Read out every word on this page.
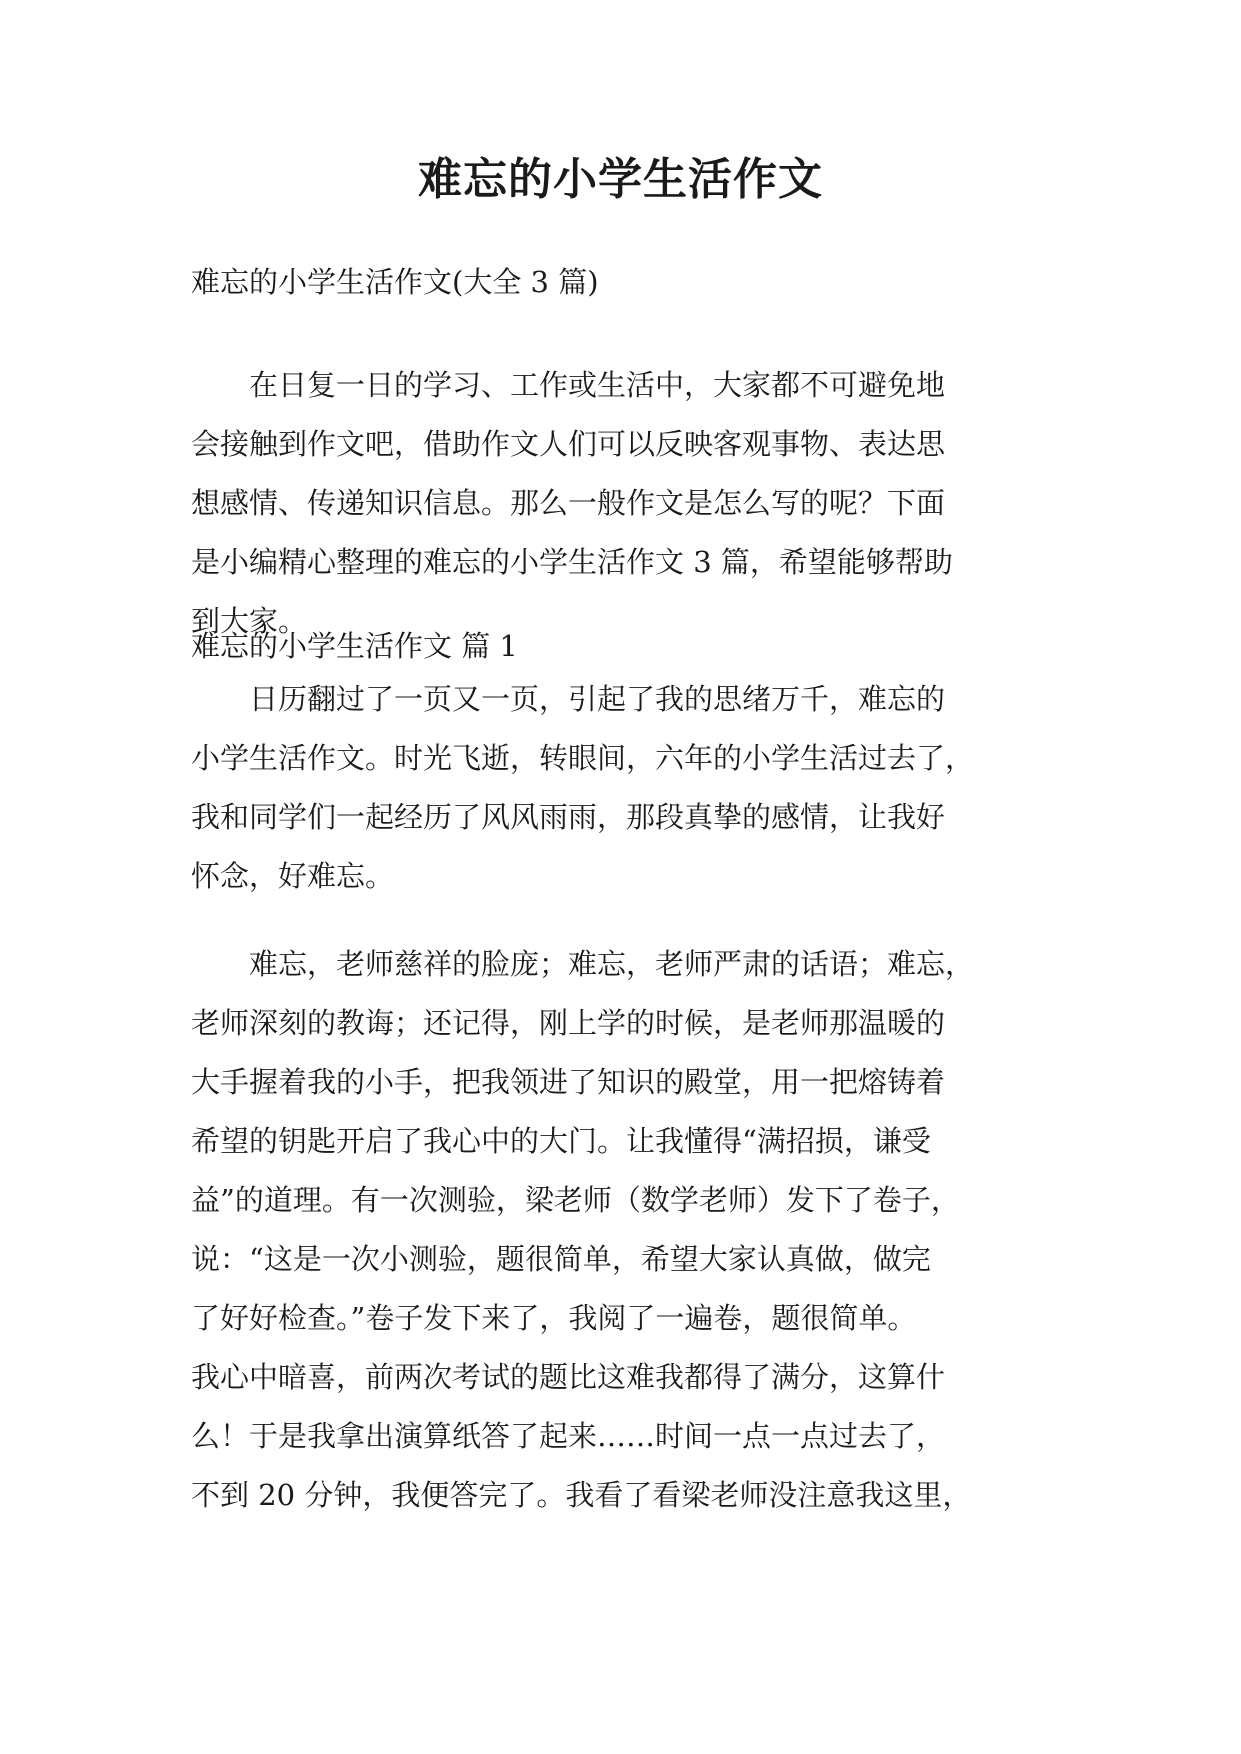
难忘的小学生活作文

难忘的小学生活作文(大全 3 篇)

　　在日复一日的学习、工作或生活中，大家都不可避免地
会接触到作文吧，借助作文人们可以反映客观事物、表达思
想感情、传递知识信息。那么一般作文是怎么写的呢？下面
是小编精心整理的难忘的小学生活作文 3 篇，希望能够帮助
到大家。

难忘的小学生活作文 篇 1

　　日历翻过了一页又一页，引起了我的思绪万千，难忘的
小学生活作文。时光飞逝，转眼间，六年的小学生活过去了，
我和同学们一起经历了风风雨雨，那段真挚的感情，让我好
怀念，好难忘。
　　难忘，老师慈祥的脸庞；难忘，老师严肃的话语；难忘，
老师深刻的教诲；还记得，刚上学的时候，是老师那温暖的
大手握着我的小手，把我领进了知识的殿堂，用一把熔铸着
希望的钥匙开启了我心中的大门。让我懂得“满招损，谦受
益”的道理。有一次测验，梁老师（数学老师）发下了卷子，
说：“这是一次小测验，题很简单，希望大家认真做，做完
了好好检查。”卷子发下来了，我阅了一遍卷，题很简单。
我心中暗喜，前两次考试的题比这难我都得了满分，这算什
么！于是我拿出演算纸答了起来……时间一点一点过去了，
不到 20 分钟，我便答完了。我看了看梁老师没注意我这里，
